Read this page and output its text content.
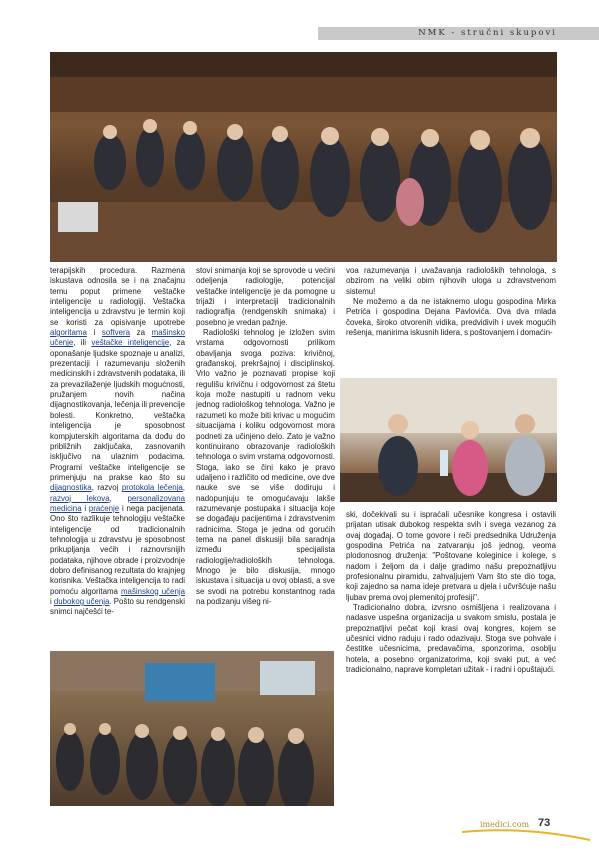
NMK - stručni skupovi

terapijskih procedura. Razmena iskustava odnosila se i na značajnu temu poput primene veštačke inteligencije u radiologiji. Veštačka inteligencija u zdravstvu je termin koji se koristi za opisivanje upotrebe algoritama i softvera za mašinsko učenje, ili veštačke inteligencije, za oponašanje ljudske spoznaje u analizi, prezentaciji i razumevanju složenih medicinskih i zdravstvenih podataka, ili za prevazilaženje ljudskih mogućnosti, pružanjem novih načina dijagnostikovanja, lečenja ili prevencije bolesti. Konkretno, veštačka inteligencija je sposobnost kompjuterskih algoritama da dođu do približnih zaključaka, zasnovanih isključivo na ulaznim podacima. Programi veštačke inteligencije se primenjuju na prakse kao što su dijagnostika, razvoj protokola lečenja, razvoj lekova, personalizovana medicina i praćenje i nega pacijenata. Ono što razlikuje tehnologiju veštačke inteligencije od tradicionalnih tehnologija u zdravstvu je sposobnost prikupljanja većih i raznovrsnijih podataka, njihove obrade i proizvodnje dobro definisanog rezultata do krajnjeg korisnika. Veštačka inteligencija to radi pomoću algoritama mašinskog učenja i dubokog učenja. Pošto su rendgenski snimci najčešći te-

stovi snimanja koji se sprovode u većini odeljenja radiologije, potencijal veštačke inteligencije je da pomogne u trijaži i interpretaciji tradicionalnih radiografija (rendgenskih snimaka) i posebno je vredan pažnje.

Radiološki tehnolog je izložen svim vrstama odgovornosti prilikom obavljanja svoga poziva: krivičnoj, građanskoj, prekršajnoj i disciplinskoj. Vrlo važno je poznavati propise koji regulišu krivičnu i odgovornost za štetu koja može nastupiti u radnom veku jednog radiološkog tehnologa. Važno je razumeti ko može biti krivac u mogućim situacijama i koliku odgovornost mora podneti za učinjeno delo. Zato je važno kontinuirano obrazovanje radioloških tehnologa o svim vrstama odgovornosti. Stoga, iako se čini kako je pravo udaljeno i različito od medicine, ove dve nauke sve se više dodiruju i nadopunjuju te omogućavaju lakše razumevanje postupaka i situacija koje se događaju pacijentima i zdravstvenim radnicima. Stoga je jedna od gorućih tema na panel diskusiji bila saradnja između specijalista radiologije/radioloških tehnologa. Mnogo je bilo diskusija, mnogo iskustava i situacija u ovoj oblasti, a sve se svodi na potrebu konstantnog rada na podizanju višeg ni-

voa razumevanja i uvažavanja radioloških tehnologa, s obzirom na veliki obim njihovih uloga u zdravstvenom sistemu!

Ne možemo a da ne istaknemo ulogu gospodina Mirka Petrića i gospodina Dejana Pavlovića. Ova dva mlada čoveka, široko otvorenih vidika, predvidivih i uvek mogućih rešenja, manirima iskusnih lidera, s poštovanjem i domaćin-

ski, dočekivali su i ispraćali učesnike kongresa i ostavili prijatan utisak dubokog respekta svih i svega vezanog za ovaj događaj. O tome govore i reči predsednika Udruženja gospodina Petrića na zatvaranju još jednog, veoma plodonosnog druženja: "Poštovane koleginice i kolege, s nadom i željom da i dalje gradimo našu prepoznatljivu profesionalnu piramidu, zahvaljujem Vam što ste dio toga, koji zajedno sa nama ideje pretvara u djela i učvršćuje našu ljubav prema ovoj plemenitoj profesiji".

Tradicionalno dobra, izvrsno osmišljena i realizovana i nadasve uspešna organizacija u svakom smislu, postala je prepoznatljivi pečat koji krasi ovaj kongres, kojem se učesnici vidno raduju i rado odazivaju. Stoga sve pohvale i čestitke učesnicima, predavačima, sponzorima, osoblju hotela, a posebno organizatorima, koji svaki put, a već tradicionalno, naprave kompletan užitak - i radni i opuštajući.

imedici.com 73
